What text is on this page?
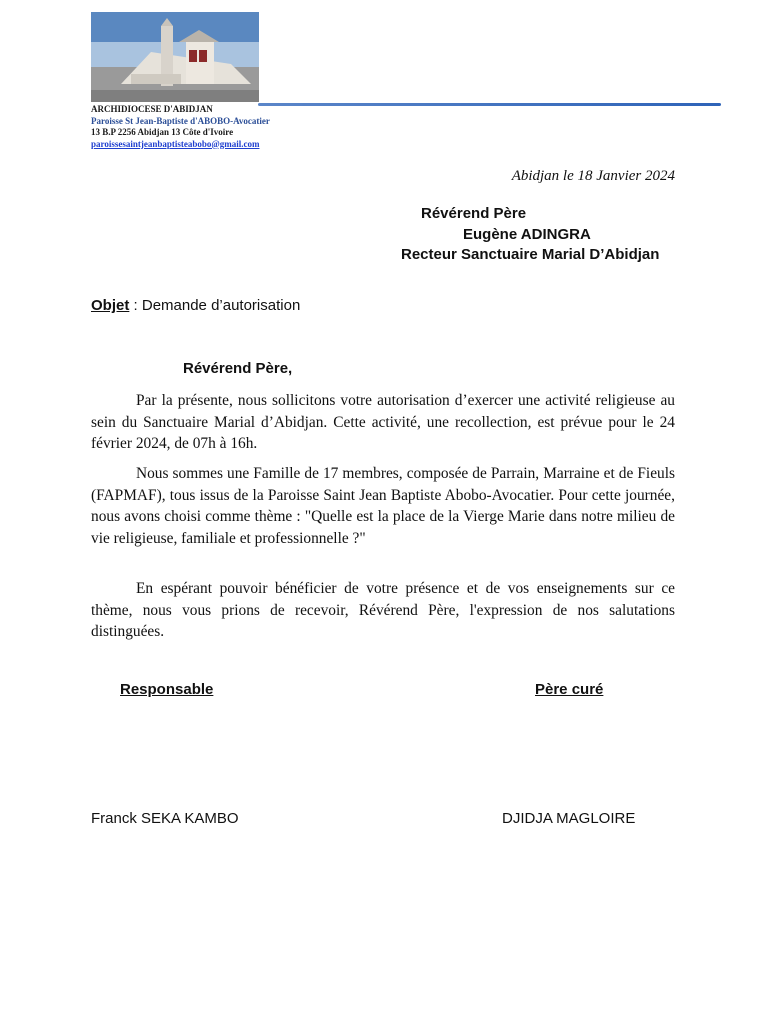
ARCHIDIOCESE D'ABIDJAN
Paroisse St Jean-Baptiste d'ABOBO-Avocatier
13 B.P 2256 Abidjan 13 Côte d'Ivoire
paroissesaintjeanbaptisteabobo@gmail.com
Abidjan le 18 Janvier 2024
Révérend Père
Eugène ADINGRA
Recteur Sanctuaire Marial D’Abidjan
Objet : Demande d’autorisation
Révérend Père,

Par la présente, nous sollicitons votre autorisation d’exercer une activité religieuse au sein du Sanctuaire Marial d’Abidjan. Cette activité, une recollection, est prévue pour le 24 février 2024, de 07h à 16h.

Nous sommes une Famille de 17 membres, composée de Parrain, Marraine et de Fieuls (FAPMAF), tous issus de la Paroisse Saint Jean Baptiste Abobo-Avocatier. Pour cette journée, nous avons choisi comme thème : "Quelle est la place de la Vierge Marie dans notre milieu de vie religieuse, familiale et professionnelle ?"

En espérant pouvoir bénéficier de votre présence et de vos enseignements sur ce thème, nous vous prions de recevoir, Révérend Père, l'expression de nos salutations distinguées.

Responsable	Père curé
Franck SEKA KAMBO	DJIDJA MAGLOIRE
